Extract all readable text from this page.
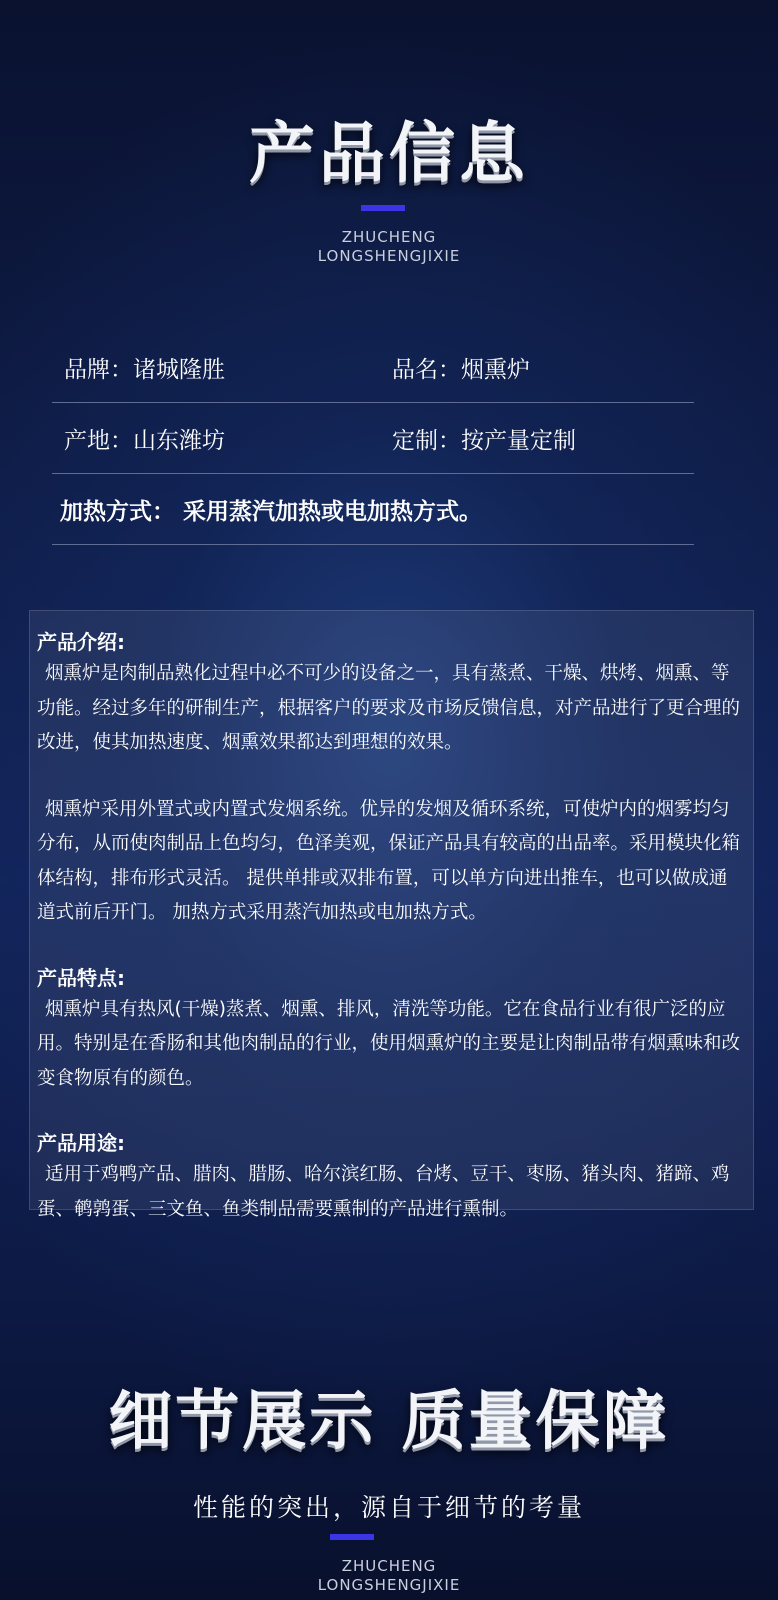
产品信息
ZHUCHENG
LONGSHENGJIXIE
品牌：诸城隆胜	品名：烟熏炉
产地：山东潍坊	定制：按产量定制
加热方式： 采用蒸汽加热或电加热方式。
产品介绍:

烟熏炉是肉制品熟化过程中必不可少的设备之一，具有蒸煮、干燥、烘烤、烟熏、等功能。经过多年的研制生产，根据客户的要求及市场反馈信息，对产品进行了更合理的改进，使其加热速度、烟熏效果都达到理想的效果。

烟熏炉采用外置式或内置式发烟系统。优异的发烟及循环系统，可使炉内的烟雾均匀分布，从而使肉制品上色均匀，色泽美观，保证产品具有较高的出品率。采用模块化箱体结构，排布形式灵活。 提供单排或双排布置，可以单方向进出推车，也可以做成通道式前后开门。 加热方式采用蒸汽加热或电加热方式。

产品特点:

烟熏炉具有热风(干燥)蒸煮、烟熏、排风，清洗等功能。它在食品行业有很广泛的应用。特别是在香肠和其他肉制品的行业，使用烟熏炉的主要是让肉制品带有烟熏味和改变食物原有的颜色。

产品用途:

适用于鸡鸭产品、腊肉、腊肠、哈尔滨红肠、台烤、豆干、枣肠、猪头肉、猪蹄、鸡蛋、鹌鹑蛋、三文鱼、鱼类制品需要熏制的产品进行熏制。

细节展示 质量保障
性能的突出，源自于细节的考量
ZHUCHENG
LONGSHENGJIXIE
